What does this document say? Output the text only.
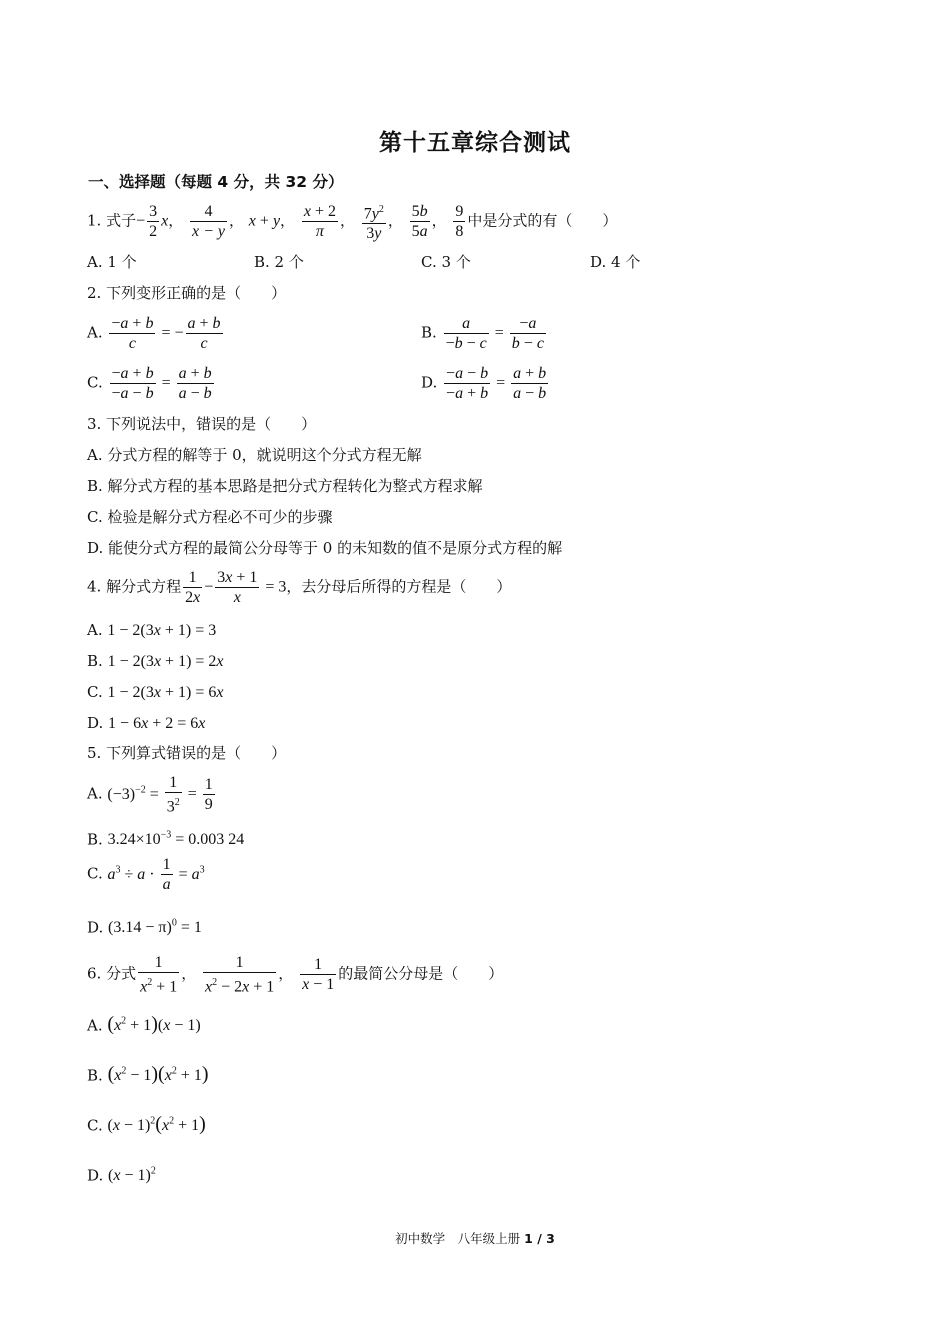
第十五章综合测试
一、选择题（每题 4 分，共 32 分）
1. 式子− $\frac{3}{2}$ x， $\frac{4}{x - y}$ ， x + y， $\frac{x + 2}{\pi}$ ， $\frac{7y^2}{3y}$ ， $\frac{5b}{5a}$ ， $\frac{9}{8}$ 中是分式的有（　　）
A. 1 个	B. 2 个	C. 3 个	D. 4 个
2. 下列变形正确的是（　　）
A. $\frac{-a + b}{c}$ = − $\frac{a + b}{c}$	B. $\frac{a}{-b - c} = \frac{-a}{b - c}$
C. $\frac{-a + b}{-a - b} = \frac{a + b}{a - b}$	D. $\frac{-a - b}{-a + b} = \frac{a + b}{a - b}$
3. 下列说法中，错误的是（　　）
A. 分式方程的解等于 0，就说明这个分式方程无解
B. 解分式方程的基本思路是把分式方程转化为整式方程求解
C. 检验是解分式方程必不可少的步骤
D. 能使分式方程的最简公分母等于 0 的未知数的值不是原分式方程的解
4. 解分式方程 $\frac{1}{2x} - \frac{3x + 1}{x} = 3$，去分母后所得的方程是（　　）
A. 1 − 2(3x + 1) = 3
B. 1 − 2(3x + 1) = 2x
C. 1 − 2(3x + 1) = 6x
D. 1 − 6x + 2 = 6x
5. 下列算式错误的是（　　）
A. $(-3)^{-2} = \frac{1}{3^2} = \frac{1}{9}$
B. $3.24\times 10^{-3} = 0.003$ 24
C. $a^3 \div a \cdot \frac{1}{a} = a^3$
D. $(3.14 - \pi)^0 = 1$
6. 分式 $\frac{1}{x^2 + 1}$ ， $\frac{1}{x^2 - 2x + 1}$ ， $\frac{1}{x - 1}$ 的最简公分母是（　　）
A. $(x^2 + 1)(x - 1)$
B. $(x^2 - 1)(x^2 + 1)$
C. $(x - 1)^2(x^2 + 1)$
D. $(x - 1)^2$
初中数学　八年级上册 1 / 3
